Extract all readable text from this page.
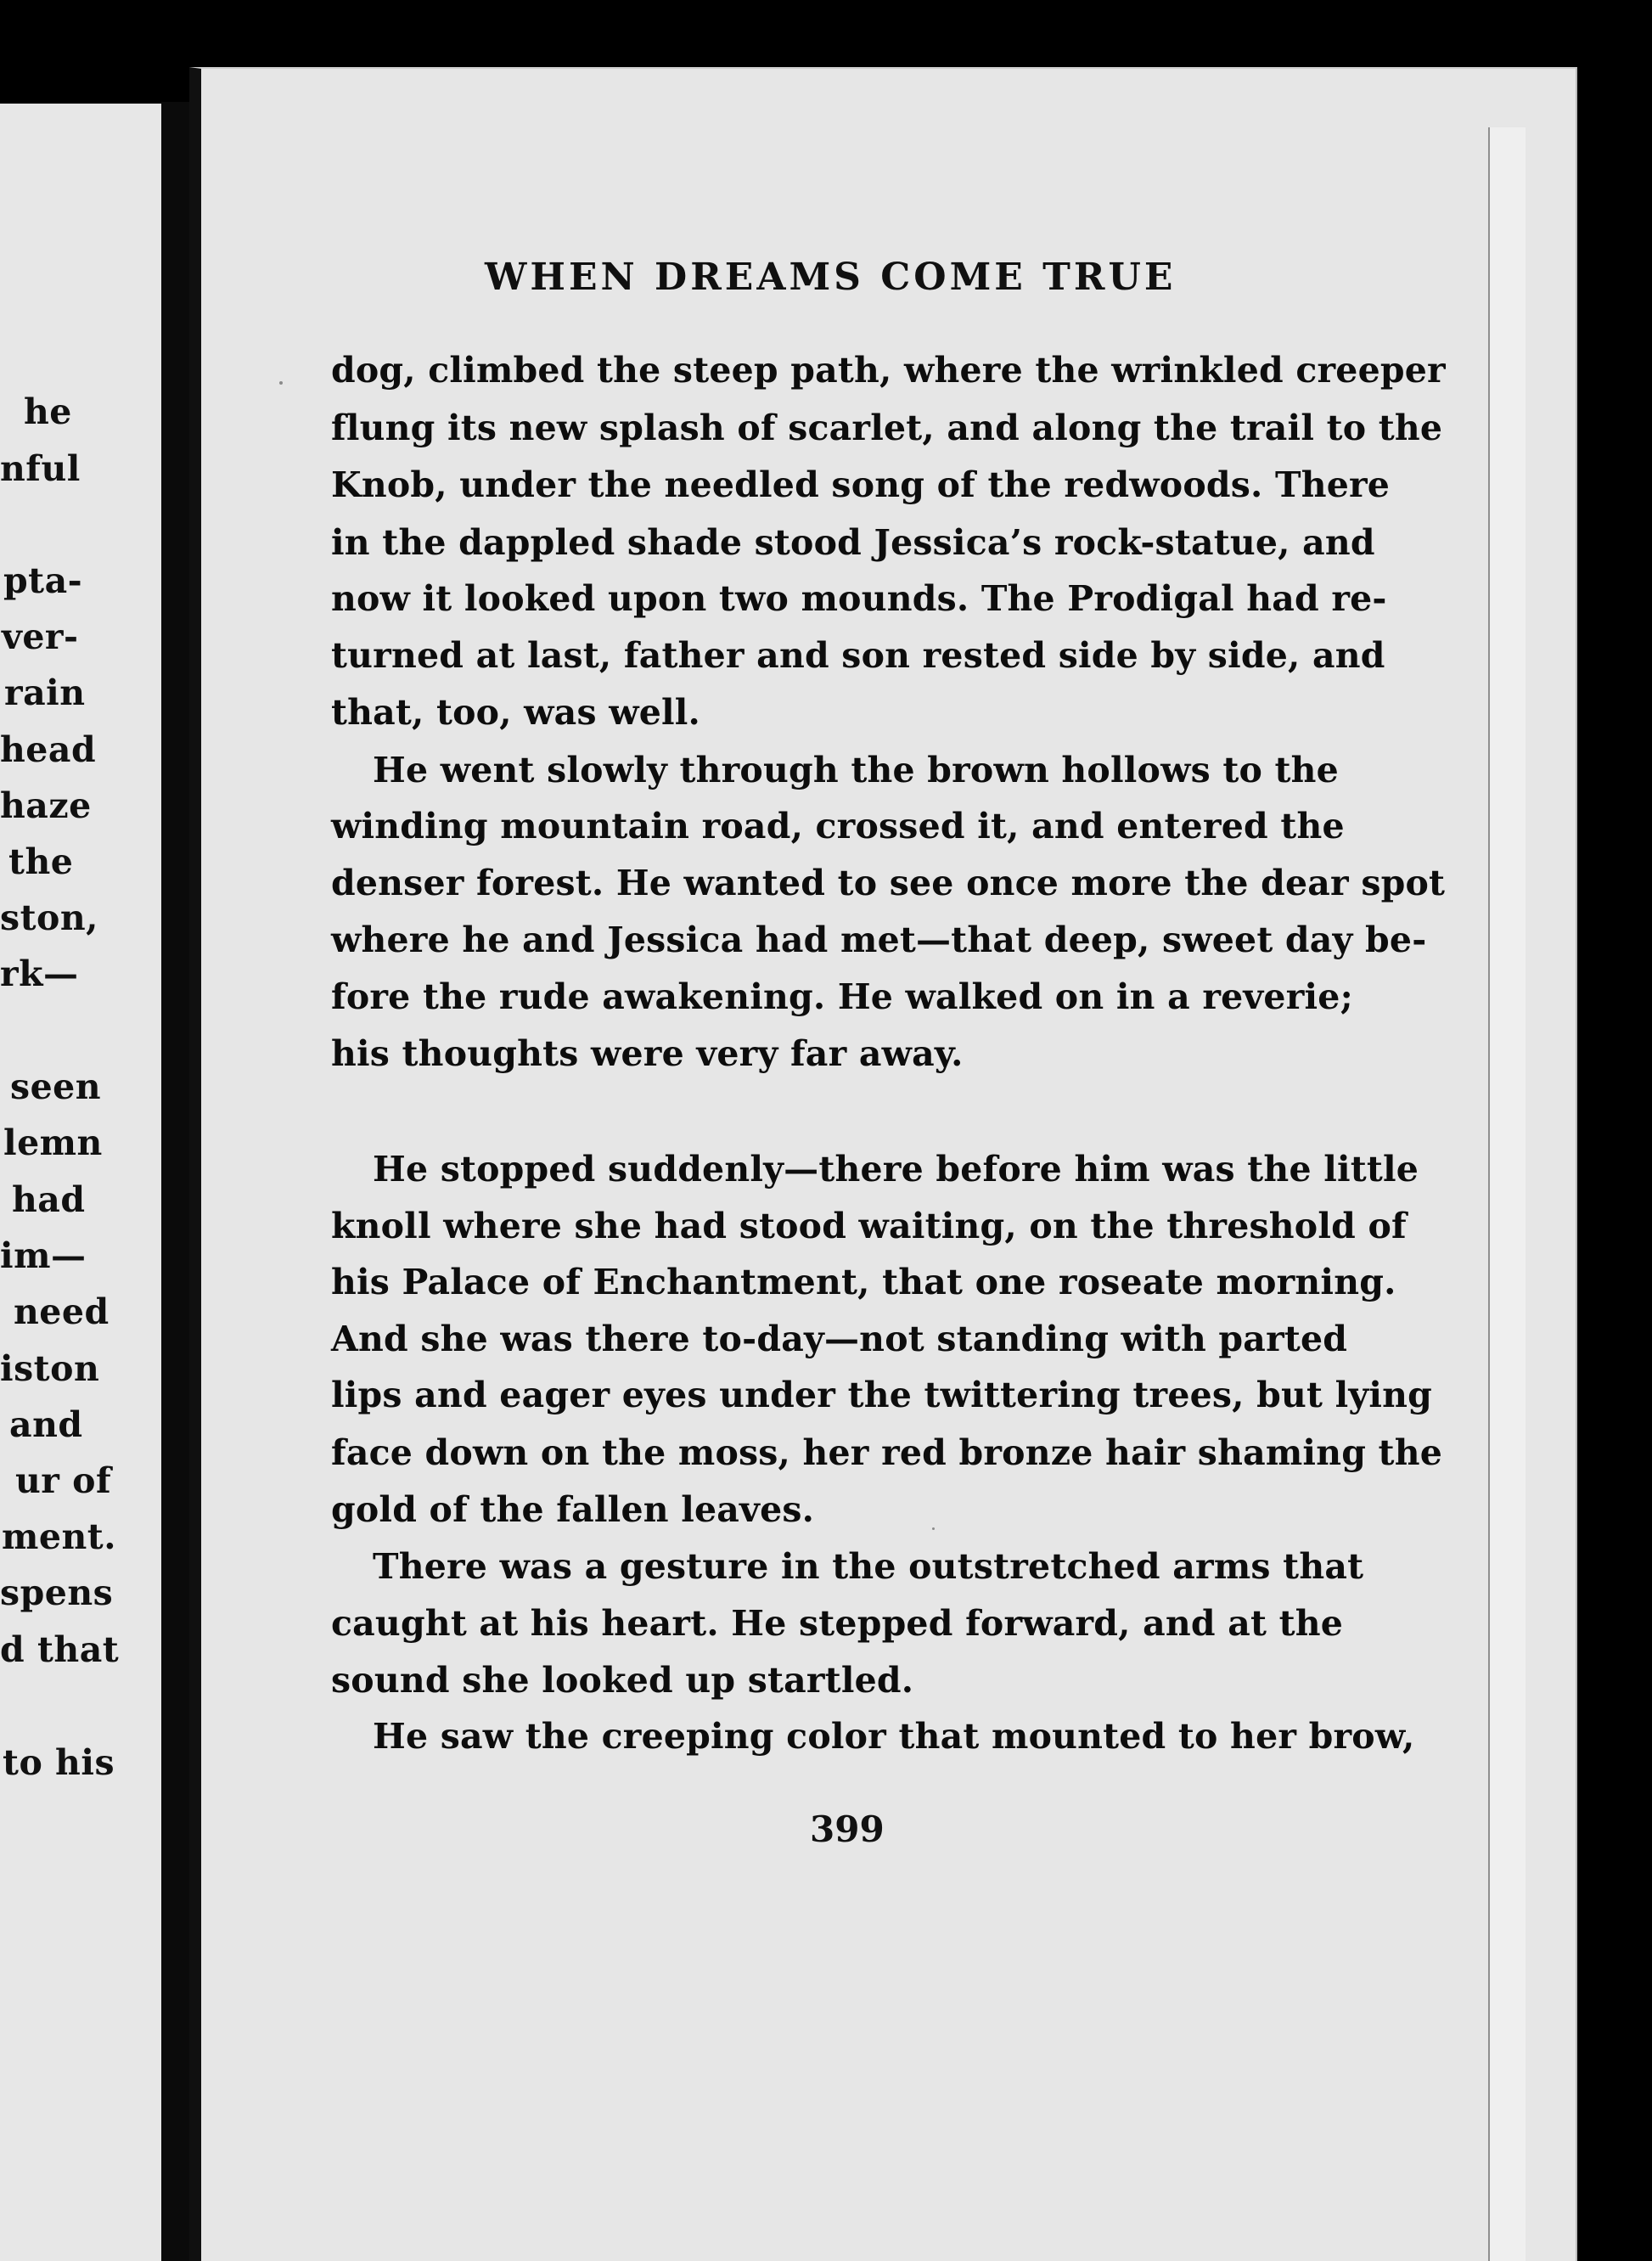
he
nful
pta-
ver-
rain
head
haze
the
ston,
rk—
seen
lemn
had
im—
need
iston
and
ur of
ment.
spens
d that
to his
WHEN DREAMS COME TRUE
dog, climbed the steep path, where the wrinkled creeper
flung its new splash of scarlet, and along the trail to the
Knob, under the needled song of the redwoods. There
in the dappled shade stood Jessica’s rock-statue, and
now it looked upon two mounds. The Prodigal had re-
turned at last, father and son rested side by side, and
that, too, was well.
He went slowly through the brown hollows to the
winding mountain road, crossed it, and entered the
denser forest. He wanted to see once more the dear spot
where he and Jessica had met—that deep, sweet day be-
fore the rude awakening. He walked on in a reverie;
his thoughts were very far away.
He stopped suddenly—there before him was the little
knoll where she had stood waiting, on the threshold of
his Palace of Enchantment, that one roseate morning.
And she was there to-day—not standing with parted
lips and eager eyes under the twittering trees, but lying
face down on the moss, her red bronze hair shaming the
gold of the fallen leaves.
There was a gesture in the outstretched arms that
caught at his heart. He stepped forward, and at the
sound she looked up startled.
He saw the creeping color that mounted to her brow,
399
